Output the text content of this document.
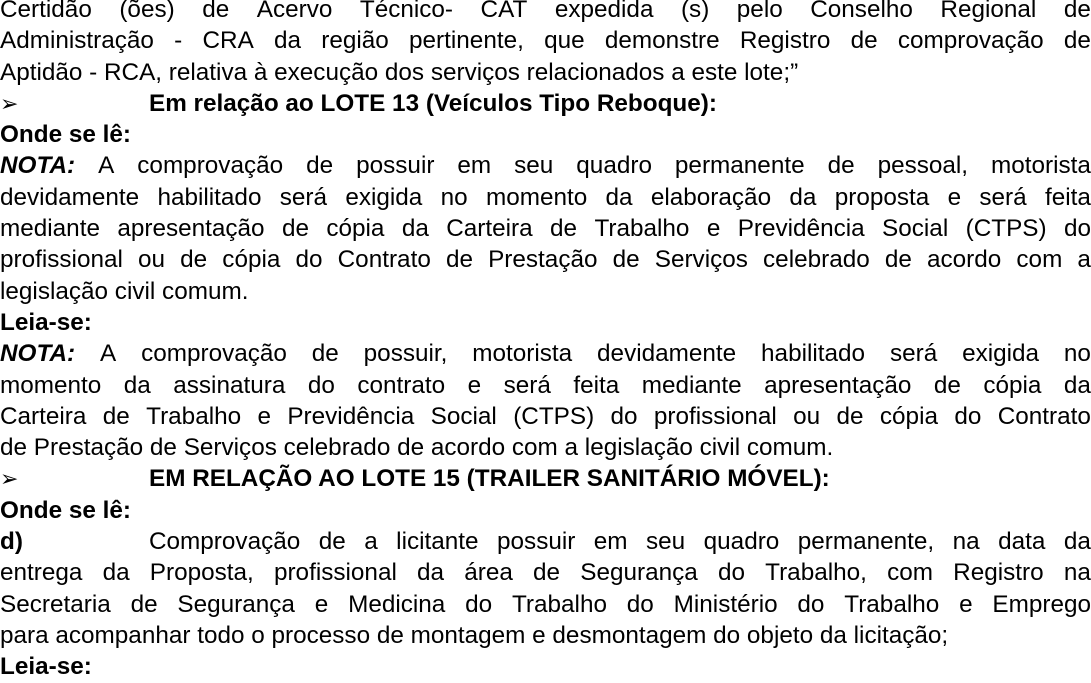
Certidão (ões) de Acervo Técnico- CAT expedida (s) pelo Conselho Regional de
Administração - CRA da região pertinente, que demonstre Registro de comprovação de
Aptidão - RCA, relativa à execução dos serviços relacionados a este lote;”
➢	Em relação ao LOTE 13 (Veículos Tipo Reboque):
Onde se lê:
NOTA: A comprovação de possuir em seu quadro permanente de pessoal, motorista
devidamente habilitado será exigida no momento da elaboração da proposta e será feita
mediante apresentação de cópia da Carteira de Trabalho e Previdência Social (CTPS) do
profissional ou de cópia do Contrato de Prestação de Serviços celebrado de acordo com a
legislação civil comum.
Leia-se:
NOTA: A comprovação de possuir, motorista devidamente habilitado será exigida no
momento da assinatura do contrato e será feita mediante apresentação de cópia da
Carteira de Trabalho e Previdência Social (CTPS) do profissional ou de cópia do Contrato
de Prestação de Serviços celebrado de acordo com a legislação civil comum.
➢	EM RELAÇÃO AO LOTE 15 (TRAILER SANITÁRIO MÓVEL):
Onde se lê:
d)	Comprovação de a licitante possuir em seu quadro permanente, na data da
entrega da Proposta, profissional da área de Segurança do Trabalho, com Registro na
Secretaria de Segurança e Medicina do Trabalho do Ministério do Trabalho e Emprego
para acompanhar todo o processo de montagem e desmontagem do objeto da licitação;
Leia-se:
